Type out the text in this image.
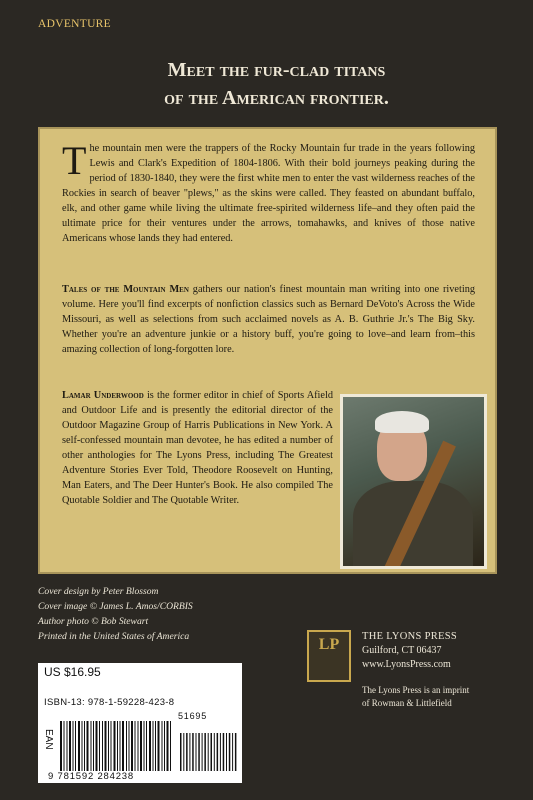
ADVENTURE
Meet the fur-clad titans
of the American frontier.

The mountain men were the trappers of the Rocky Mountain fur trade in the years following Lewis and Clark's Expedition of 1804-1806. With their bold journeys peaking during the period of 1830-1840, they were the first white men to enter the vast wilderness reaches of the Rockies in search of beaver "plews," as the skins were called. They feasted on abundant buffalo, elk, and other game while living the ultimate free-spirited wilderness life–and they often paid the ultimate price for their ventures under the arrows, tomahawks, and knives of those native Americans whose lands they had entered.

Tales of the Mountain Men gathers our nation's finest mountain man writing into one riveting volume. Here you'll find excerpts of nonfiction classics such as Bernard DeVoto's Across the Wide Missouri, as well as selections from such acclaimed novels as A. B. Guthrie Jr.'s The Big Sky. Whether you're an adventure junkie or a history buff, you're going to love–and learn from–this amazing collection of long-forgotten lore.

Lamar Underwood is the former editor in chief of Sports Afield and Outdoor Life and is presently the editorial director of the Outdoor Magazine Group of Harris Publications in New York. A self-confessed mountain man devotee, he has edited a number of other anthologies for The Lyons Press, including The Greatest Adventure Stories Ever Told, Theodore Roosevelt on Hunting, Man Eaters, and The Deer Hunter's Book. He also compiled The Quotable Soldier and The Quotable Writer.

Cover design by Peter Blossom
Cover image © James L. Amos/CORBIS
Author photo © Bob Stewart
Printed in the United States of America
US $16.95
ISBN-13: 978-1-59228-423-8
EAN
51695
9 781592 284238
LP	THE LYONS PRESS
Guilford, CT 06437
www.LyonsPress.com
The Lyons Press is an imprint
of Rowman & Littlefield
